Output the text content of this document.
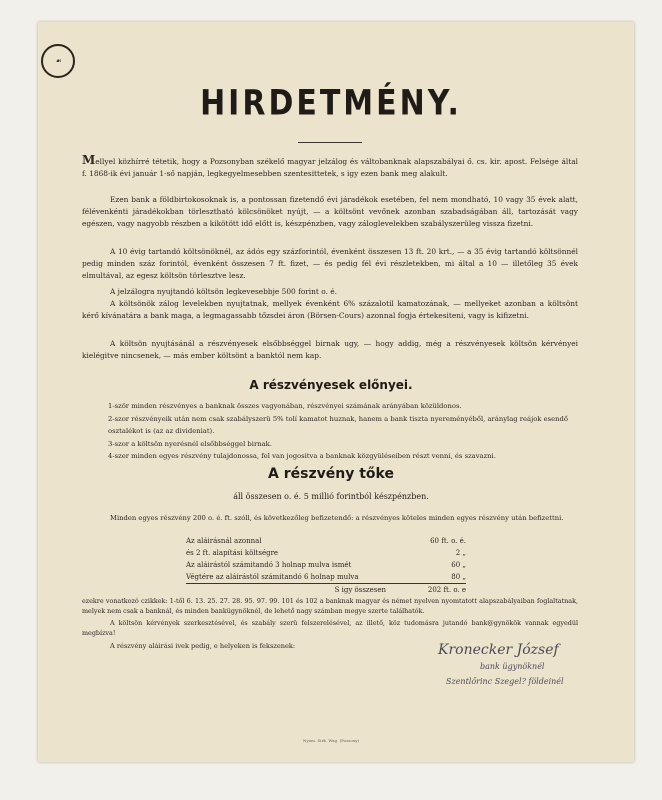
☙
HIRDETMÉNY.
Mellyel közhírré tétetik, hogy a Pozsonyban székelő magyar jelzálog és váltobanknak alapszabályai ő. cs. kir. apost. Felsége által f. 1868-ik évi január 1-ső napján, legkegyelmesebben szentesittetek, s igy ezen bank meg alakult.
Ezen bank a földbirtokosoknak is, a pontossan fizetendő évi járadékok esetében, fel nem mondható, 10 vagy 35 évek alatt, félévenkénti járadékokban törlesztható kölcsönöket nyújt, — a költsönt vevőnek azonban szabadságában áll, tartozását vagy egészen, vagy nagyobb részben a kikötött idő előtt is, készpénzben, vagy záloglevelekben szabályszerüleg vissza fizetni.
A 10 évig tartandó költsönöknél, az ádós egy százforintól, évenként összesen 13 ft. 20 krt., — a 35 évig tartandó költsönnél pedig minden száz forintól, évenként összesen 7 ft. fizet, — és pedig fél évi részletekben, mi által a 10 — illetőleg 35 évek elmultával, az egesz költsön törlesztve lesz.
A jelzálogra nyujtandó költsön legkevesebbje 500 forint o. é.
A költsönök zálog levelekben nyujtatnak, mellyek évenként 6% százalotil kamatozának, — mellyeket azonban a költsönt kérő kívánatára a bank maga, a legmagassabb tőzsdei áron (Börsen-Cours) azonnal fogja értekesiteni, vagy is kifizetni.
A költsön nyujtásánál a részvényesek elsőbbséggel birnak ugy, — hogy addig, még a részvényesek költsön kérvényei kielégitve nincsenek, — más ember költsönt a banktól nem kap.
A részvényesek előnyei.
1-ször minden részvényes a banknak összes vagyonában, részvényei számának arányában közüldonos.
2-szor részvényeik után nem csak szabályszerü 5% tolí kamatot huznak, hanem a bank tiszta nyereményéből, aránylag reájok esendő osztalékot is (az az divideniat).
3-szor a költsön nyerésnél elsőbbséggel birnak.
4-szer minden egyes részvény tulajdonossa, fel van jogositva a banknak közgyüléseiben részt venni, és szavazni.
A részvény tőke
áll összesen o. é. 5 millió forintból készpénzben.
Minden egyes részvény 200 o. é. ft. szóll, és következőleg befizetendő: a részvényes köteles minden egyes részvény után befizettni.
Az aláirásnál azonnal	60 ft. o. é.
és 2 ft. alapítási költségre	2 „
Az aláirástól számitandó 3 holnap mulva ismét	60 „
Végtére az aláirástól számitandó 6 holnap mulva	80 „
S igy összesen	202 ft. o. e
ezekre vonatkozó czikkek: 1-től 6. 13. 25. 27. 28. 95. 97. 99. 101 és 102 a banknak magyar és német nyelven nyomtatott alapszabályaiban foglaltatnak, melyek nem csak a banknál, és minden bankügynöknél, de lehető nagy számban megye szerte találhatók.
A költsön kérvények szerkesztésével, és szabály szerü felszerelésével, az illető, köz tudomásra jutandó bank@gynökök vannak egyedül megbízva!
A részvény aláirási ivek pedig, e helyeken is fekszenek:	Kronecker József
bank ügynöknél
Szentlőrinc Szegel? földeinél
Nyom. Sirk. Wag. (Pozsony)
